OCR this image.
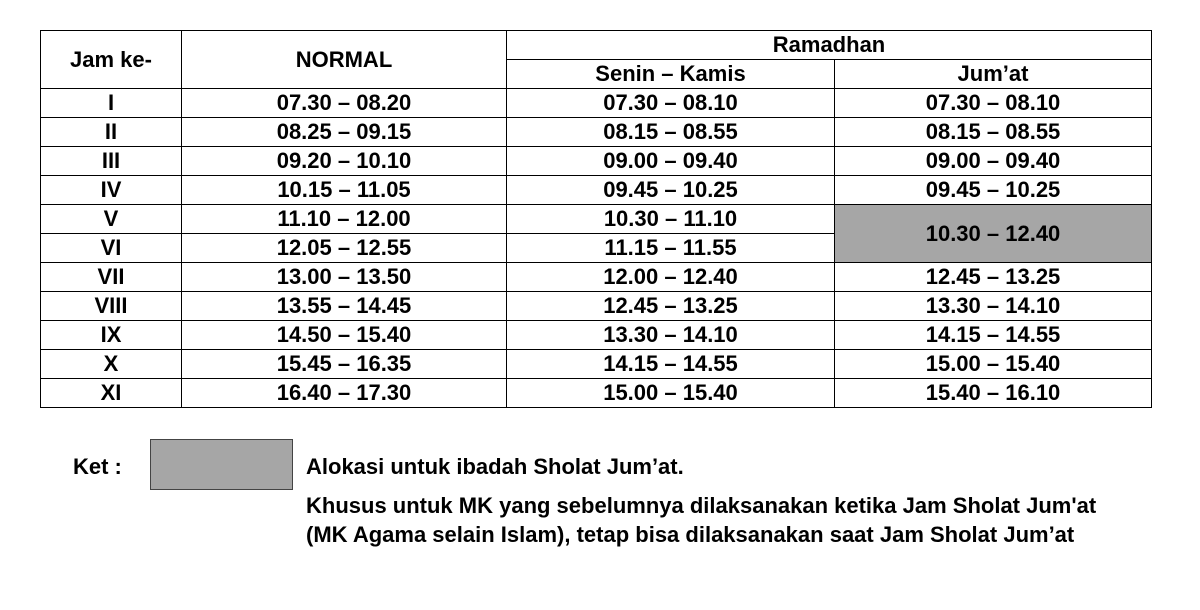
Jam ke-	NORMAL	Ramadhan	
		Senin – Kamis	Jum’at
I	07.30 – 08.20	07.30 – 08.10	07.30 – 08.10
II	08.25 – 09.15	08.15 – 08.55	08.15 – 08.55
III	09.20 – 10.10	09.00 – 09.40	09.00 – 09.40
IV	10.15 – 11.05	09.45 – 10.25	09.45 – 10.25
V	11.10 – 12.00	10.30 – 11.10	10.30 – 12.40
VI	12.05 – 12.55	11.15 – 11.55	
VII	13.00 – 13.50	12.00 – 12.40	12.45 – 13.25
VIII	13.55 – 14.45	12.45 – 13.25	13.30 – 14.10
IX	14.50 – 15.40	13.30 – 14.10	14.15 – 14.55
X	15.45 – 16.35	14.15 – 14.55	15.00 – 15.40
XI	16.40 – 17.30	15.00 – 15.40	15.40 – 16.10
Ket :	Alokasi untuk ibadah Sholat Jum’at.
Khusus untuk MK yang sebelumnya dilaksanakan ketika Jam Sholat Jum'at (MK Agama selain Islam), tetap bisa dilaksanakan saat Jam Sholat Jum’at
